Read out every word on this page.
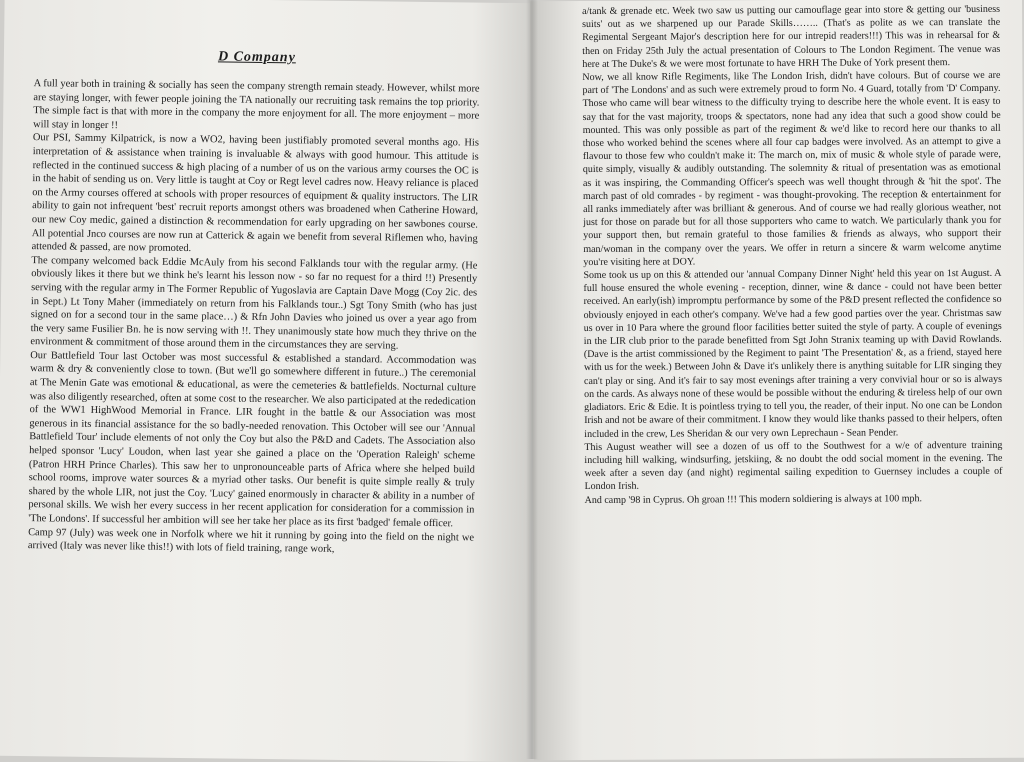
D Company

A full year both in training & socially has seen the company strength remain steady. However, whilst more are staying longer, with fewer people joining the TA nationally our recruiting task remains the top priority. The simple fact is that with more in the company the more enjoyment for all. The more enjoyment – more will stay in longer !!

Our PSI, Sammy Kilpatrick, is now a WO2, having been justifiably promoted several months ago. His interpretation of & assistance when training is invaluable & always with good humour. This attitude is reflected in the continued success & high placing of a number of us on the various army courses the OC is in the habit of sending us on. Very little is taught at Coy or Regt level cadres now. Heavy reliance is placed on the Army courses offered at schools with proper resources of equipment & quality instructors. The LIR ability to gain not infrequent 'best' recruit reports amongst others was broadened when Catherine Howard, our new Coy medic, gained a distinction & recommendation for early upgrading on her sawbones course. All potential Jnco courses are now run at Catterick & again we benefit from several Riflemen who, having attended & passed, are now promoted.

The company welcomed back Eddie McAuly from his second Falklands tour with the regular army. (He obviously likes it there but we think he's learnt his lesson now - so far no request for a third !!) Presently serving with the regular army in The Former Republic of Yugoslavia are Captain Dave Mogg (Coy 2ic. des in Sept.) Lt Tony Maher (immediately on return from his Falklands tour..) Sgt Tony Smith (who has just signed on for a second tour in the same place…) & Rfn John Davies who joined us over a year ago from the very same Fusilier Bn. he is now serving with !!. They unanimously state how much they thrive on the environment & commitment of those around them in the circumstances they are serving.

Our Battlefield Tour last October was most successful & established a standard. Accommodation was warm & dry & conveniently close to town. (But we'll go somewhere different in future..) The ceremonial at The Menin Gate was emotional & educational, as were the cemeteries & battlefields. Nocturnal culture was also diligently researched, often at some cost to the researcher. We also participated at the rededication of the WW1 HighWood Memorial in France. LIR fought in the battle & our Association was most generous in its financial assistance for the so badly-needed renovation. This October will see our 'Annual Battlefield Tour' include elements of not only the Coy but also the P&D and Cadets. The Association also helped sponsor 'Lucy' Loudon, when last year she gained a place on the 'Operation Raleigh' scheme (Patron HRH Prince Charles). This saw her to unpronounceable parts of Africa where she helped build school rooms, improve water sources & a myriad other tasks. Our benefit is quite simple really & truly shared by the whole LIR, not just the Coy. 'Lucy' gained enormously in character & ability in a number of personal skills. We wish her every success in her recent application for consideration for a commission in 'The Londons'. If successful her ambition will see her take her place as its first 'badged' female officer.

Camp 97 (July) was week one in Norfolk where we hit it running by going into the field on the night we arrived (Italy was never like this!!) with lots of field training, range work,

a/tank & grenade etc. Week two saw us putting our camouflage gear into store & getting our 'business suits' out as we sharpened up our Parade Skills…….. (That's as polite as we can translate the Regimental Sergeant Major's description here for our intrepid readers!!!) This was in rehearsal for & then on Friday 25th July the actual presentation of Colours to The London Regiment. The venue was here at The Duke's & we were most fortunate to have HRH The Duke of York present them.

Now, we all know Rifle Regiments, like The London Irish, didn't have colours. But of course we are part of 'The Londons' and as such were extremely proud to form No. 4 Guard, totally from 'D' Company. Those who came will bear witness to the difficulty trying to describe here the whole event. It is easy to say that for the vast majority, troops & spectators, none had any idea that such a good show could be mounted. This was only possible as part of the regiment & we'd like to record here our thanks to all those who worked behind the scenes where all four cap badges were involved. As an attempt to give a flavour to those few who couldn't make it: The march on, mix of music & whole style of parade were, quite simply, visually & audibly outstanding. The solemnity & ritual of presentation was as emotional as it was inspiring, the Commanding Officer's speech was well thought through & 'hit the spot'. The march past of old comrades - by regiment - was thought-provoking. The reception & entertainment for all ranks immediately after was brilliant & generous. And of course we had really glorious weather, not just for those on parade but for all those supporters who came to watch. We particularly thank you for your support then, but remain grateful to those families & friends as always, who support their man/woman in the company over the years. We offer in return a sincere & warm welcome anytime you're visiting here at DOY.

Some took us up on this & attended our 'annual Company Dinner Night' held this year on 1st August. A full house ensured the whole evening - reception, dinner, wine & dance - could not have been better received. An early(ish) impromptu performance by some of the P&D present reflected the confidence so obviously enjoyed in each other's company. We've had a few good parties over the year. Christmas saw us over in 10 Para where the ground floor facilities better suited the style of party. A couple of evenings in the LIR club prior to the parade benefitted from Sgt John Stranix teaming up with David Rowlands. (Dave is the artist commissioned by the Regiment to paint 'The Presentation' &, as a friend, stayed here with us for the week.) Between John & Dave it's unlikely there is anything suitable for LIR singing they can't play or sing. And it's fair to say most evenings after training a very convivial hour or so is always on the cards. As always none of these would be possible without the enduring & tireless help of our own gladiators. Eric & Edie. It is pointless trying to tell you, the reader, of their input. No one can be London Irish and not be aware of their commitment. I know they would like thanks passed to their helpers, often included in the crew, Les Sheridan & our very own Leprechaun - Sean Pender.

This August weather will see a dozen of us off to the Southwest for a w/e of adventure training including hill walking, windsurfing, jetskiing, & no doubt the odd social moment in the evening. The week after a seven day (and night) regimental sailing expedition to Guernsey includes a couple of London Irish.

And camp '98 in Cyprus. Oh groan !!! This modern soldiering is always at 100 mph.
